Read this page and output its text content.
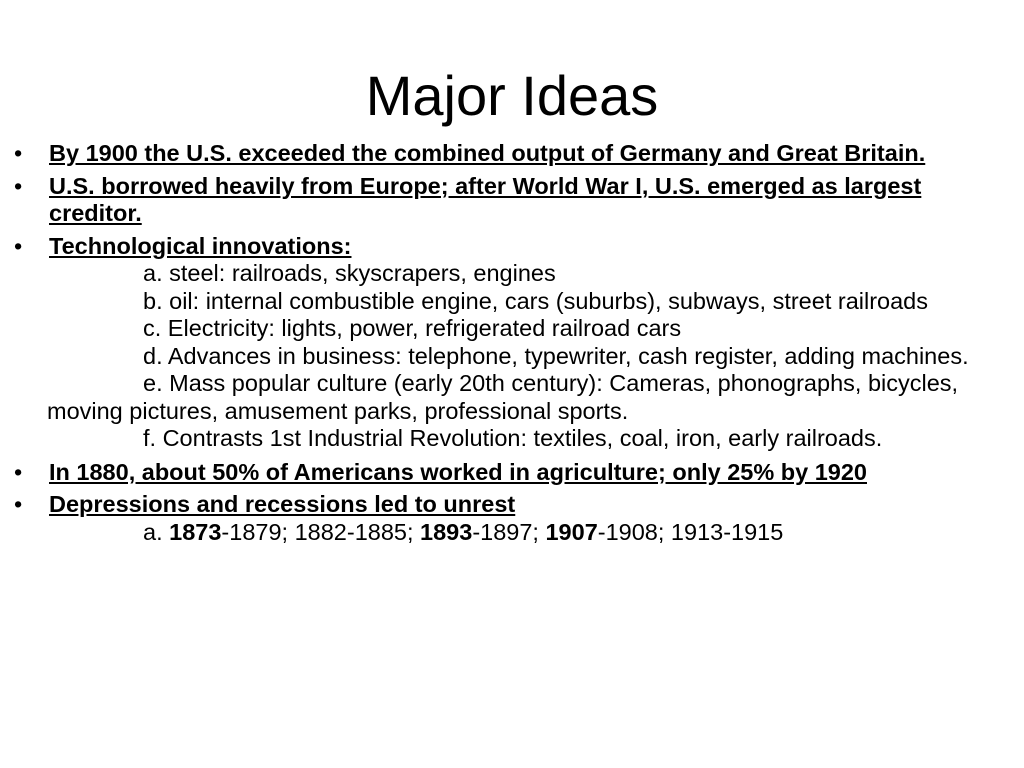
Major Ideas
•	By 1900 the U.S. exceeded the combined output of Germany and Great Britain.
•	U.S. borrowed heavily from Europe; after World War I, U.S. emerged as largest creditor.
•	Technological innovations:
a. steel: railroads, skyscrapers, engines
b. oil: internal combustible engine, cars (suburbs), subways, street railroads
c. Electricity: lights, power, refrigerated railroad cars
d. Advances in business: telephone, typewriter, cash register, adding machines.
e. Mass popular culture (early 20th century): Cameras, phonographs, bicycles, moving pictures, amusement parks, professional sports.
f. Contrasts 1st Industrial Revolution: textiles, coal, iron, early railroads.
•	In 1880, about 50% of Americans worked in agriculture; only 25% by 1920
•	Depressions and recessions led to unrest
a. 1873-1879; 1882-1885; 1893-1897; 1907-1908; 1913-1915
